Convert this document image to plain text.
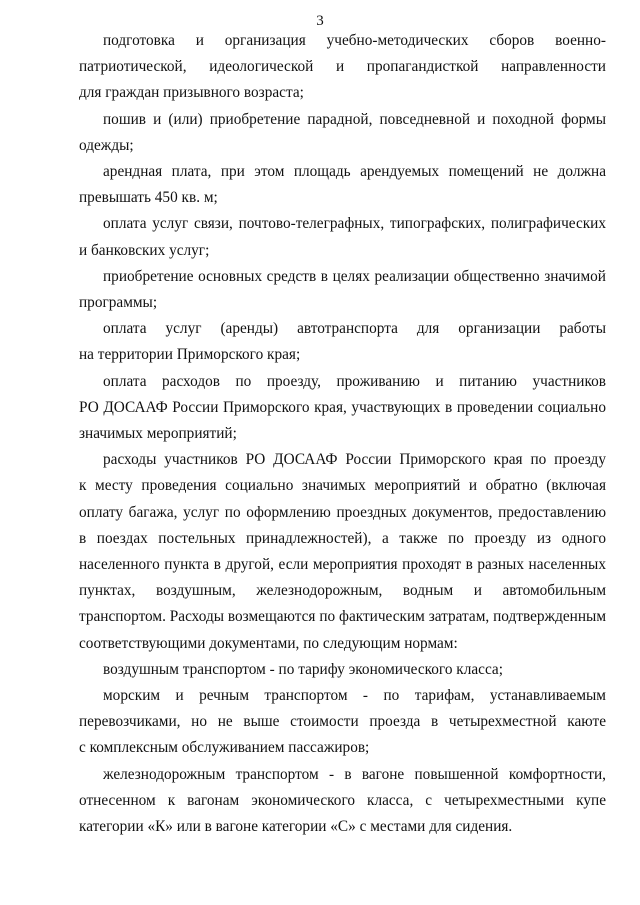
3

подготовка и организация учебно-методических сборов военно-
патриотической, идеологической и пропагандисткой направленности
для граждан призывного возраста;

пошив и (или) приобретение парадной, повседневной и походной формы
одежды;

арендная плата, при этом площадь арендуемых помещений не должна
превышать 450 кв. м;

оплата услуг связи, почтово-телеграфных, типографских, полиграфических
и банковских услуг;

приобретение основных средств в целях реализации общественно значимой
программы;

оплата услуг (аренды) автотранспорта для организации работы
на территории Приморского края;

оплата расходов по проезду, проживанию и питанию участников
РО ДОСААФ России Приморского края, участвующих в проведении социально
значимых мероприятий;

расходы участников РО ДОСААФ России Приморского края по проезду
к месту проведения социально значимых мероприятий и обратно (включая
оплату багажа, услуг по оформлению проездных документов, предоставлению
в поездах постельных принадлежностей), а также по проезду из одного
населенного пункта в другой, если мероприятия проходят в разных населенных
пунктах, воздушным, железнодорожным, водным и автомобильным
транспортом. Расходы возмещаются по фактическим затратам, подтвержденным
соответствующими документами, по следующим нормам:

воздушным транспортом - по тарифу экономического класса;

морским и речным транспортом - по тарифам, устанавливаемым
перевозчиками, но не выше стоимости проезда в четырехместной каюте
с комплексным обслуживанием пассажиров;

железнодорожным транспортом - в вагоне повышенной комфортности,
отнесенном к вагонам экономического класса, с четырехместными купе
категории «К» или в вагоне категории «С» с местами для сидения.
